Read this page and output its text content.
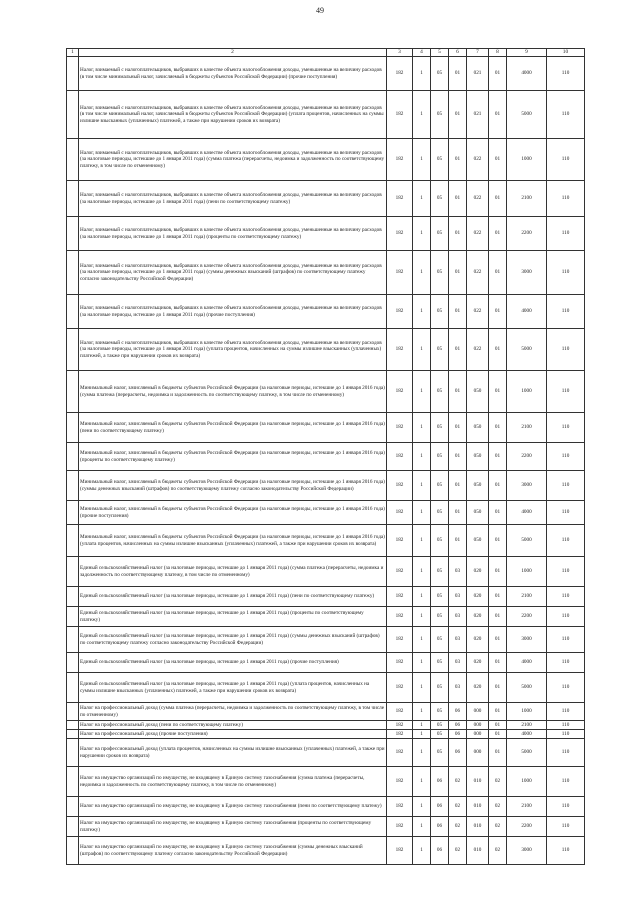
49
1	2	3	4	5	6	7	8	9	10
	Налог, взимаемый с налогоплательщиков, выбравших в качестве объекта налогообложения доходы, уменьшенные на величину расходов (в том числе минимальный налог, зачисляемый в бюджеты субъектов Российской Федерации) (прочие поступления)	182	1	05	01	021	01	4000	110
	Налог, взимаемый с налогоплательщиков, выбравших в качестве объекта налогообложения доходы, уменьшенные на величину расходов (в том числе минимальный налог, зачисляемый в бюджеты субъектов Российской Федерации) (уплата процентов, начисленных на суммы излишне взысканных (уплаченных) платежей, а также при нарушении сроков их возврата)	182	1	05	01	021	01	5000	110
	Налог, взимаемый с налогоплательщиков, выбравших в качестве объекта налогообложения доходы, уменьшенные на величину расходов (за налоговые периоды, истекшие до 1 января 2011 года) (сумма платежа (перерасчеты, недоимка и задолженность по соответствующему платежу, в том числе по отмененному)	182	1	05	01	022	01	1000	110
	Налог, взимаемый с налогоплательщиков, выбравших в качестве объекта налогообложения доходы, уменьшенные на величину расходов (за налоговые периоды, истекшие до 1 января 2011 года) (пени по соответствующему платежу)	182	1	05	01	022	01	2100	110
	Налог, взимаемый с налогоплательщиков, выбравших в качестве объекта налогообложения доходы, уменьшенные на величину расходов (за налоговые периоды, истекшие до 1 января 2011 года) (проценты по соответствующему платежу)	182	1	05	01	022	01	2200	110
	Налог, взимаемый с налогоплательщиков, выбравших в качестве объекта налогообложения доходы, уменьшенные на величину расходов (за налоговые периоды, истекшие до 1 января 2011 года) (суммы денежных взысканий (штрафов) по соответствующему платежу согласно законодательству Российской Федерации)	182	1	05	01	022	01	3000	110
	Налог, взимаемый с налогоплательщиков, выбравших в качестве объекта налогообложения доходы, уменьшенные на величину расходов (за налоговые периоды, истекшие до 1 января 2011 года) (прочие поступления)	182	1	05	01	022	01	4000	110
	Налог, взимаемый с налогоплательщиков, выбравших в качестве объекта налогообложения доходы, уменьшенные на величину расходов (за налоговые периоды, истекшие до 1 января 2011 года) (уплата процентов, начисленных на суммы излишне взысканных (уплаченных) платежей, а также при нарушении сроков их возврата)	182	1	05	01	022	01	5000	110
	Минимальный налог, зачисляемый в бюджеты субъектов Российской Федерации (за налоговые периоды, истекшие до 1 января 2016 года) (сумма платежа (перерасчеты, недоимка и задолженность по соответствующему платежу, в том числе по отмененному)	182	1	05	01	050	01	1000	110
	Минимальный налог, зачисляемый в бюджеты субъектов Российской Федерации (за налоговые периоды, истекшие до 1 января 2016 года) (пени по соответствующему платежу)	182	1	05	01	050	01	2100	110
	Минимальный налог, зачисляемый в бюджеты субъектов Российской Федерации (за налоговые периоды, истекшие до 1 января 2016 года) (проценты по соответствующему платежу)	182	1	05	01	050	01	2200	110
	Минимальный налог, зачисляемый в бюджеты субъектов Российской Федерации (за налоговые периоды, истекшие до 1 января 2016 года) (суммы денежных взысканий (штрафов) по соответствующему платежу согласно законодательству Российской Федерации)	182	1	05	01	050	01	3000	110
	Минимальный налог, зачисляемый в бюджеты субъектов Российской Федерации (за налоговые периоды, истекшие до 1 января 2016 года) (прочие поступления)	182	1	05	01	050	01	4000	110
	Минимальный налог, зачисляемый в бюджеты субъектов Российской Федерации (за налоговые периоды, истекшие до 1 января 2016 года) (уплата процентов, начисленных на суммы излишне взысканных (уплаченных) платежей, а также при нарушении сроков их возврата)	182	1	05	01	050	01	5000	110
	Единый сельскохозяйственный налог (за налоговые периоды, истекшие до 1 января 2011 года) (сумма платежа (перерасчеты, недоимка и задолженность по соответствующему платежу, в том числе по отмененному)	182	1	05	03	020	01	1000	110
	Единый сельскохозяйственный налог (за налоговые периоды, истекшие до 1 января 2011 года) (пени по соответствующему платежу)	182	1	05	03	020	01	2100	110
	Единый сельскохозяйственный налог (за налоговые периоды, истекшие до 1 января 2011 года) (проценты по соответствующему платежу)	182	1	05	03	020	01	2200	110
	Единый сельскохозяйственный налог (за налоговые периоды, истекшие до 1 января 2011 года) (суммы денежных взысканий (штрафов) по соответствующему платежу согласно законодательству Российской Федерации)	182	1	05	03	020	01	3000	110
	Единый сельскохозяйственный налог (за налоговые периоды, истекшие до 1 января 2011 года) (прочие поступления)	182	1	05	03	020	01	4000	110
	Единый сельскохозяйственный налог (за налоговые периоды, истекшие до 1 января 2011 года) (уплата процентов, начисленных на суммы излишне взысканных (уплаченных) платежей, а также при нарушении сроков их возврата)	182	1	05	03	020	01	5000	110
	Налог на профессиональный доход (сумма платежа (перерасчеты, недоимка и задолженность по соответствующему платежу, в том числе по отмененному)	182	1	05	06	000	01	1000	110
	Налог на профессиональный доход (пени по соответствующему платежу)	182	1	05	06	000	01	2100	110
	Налог на профессиональный доход (прочие поступления)	182	1	05	06	000	01	4000	110
	Налог на профессиональный доход (уплата процентов, начисленных на суммы излишне взысканных (уплаченных) платежей, а также при нарушении сроков их возврата)	182	1	05	06	000	01	5000	110
	Налог на имущество организаций по имуществу, не входящему в Единую систему газоснабжения (сумма платежа (перерасчеты, недоимка и задолженность по соответствующему платежу, в том числе по отмененному)	182	1	06	02	010	02	1000	110
	Налог на имущество организаций по имуществу, не входящему в Единую систему газоснабжения (пени по соответствующему платежу)	182	1	06	02	010	02	2100	110
	Налог на имущество организаций по имуществу, не входящему в Единую систему газоснабжения (проценты по соответствующему платежу)	182	1	06	02	010	02	2200	110
	Налог на имущество организаций по имуществу, не входящему в Единую систему газоснабжения (суммы денежных взысканий (штрафов) по соответствующему платежу согласно законодательству Российской Федерации)	182	1	06	02	010	02	3000	110
